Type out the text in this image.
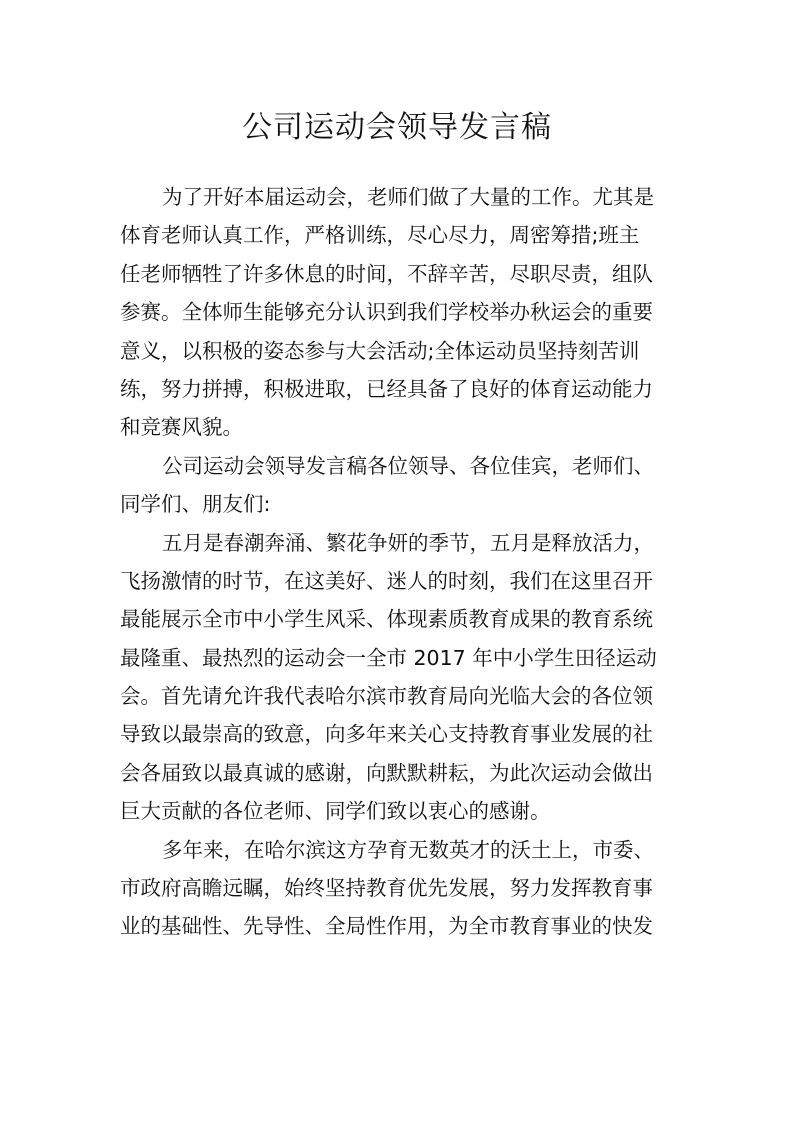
公司运动会领导发言稿
为了开好本届运动会，老师们做了大量的工作。尤其是
体育老师认真工作，严格训练，尽心尽力，周密筹措;班主
任老师牺牲了许多休息的时间，不辞辛苦，尽职尽责，组队
参赛。全体师生能够充分认识到我们学校举办秋运会的重要
意义，以积极的姿态参与大会活动;全体运动员坚持刻苦训
练，努力拼搏，积极进取，已经具备了良好的体育运动能力
和竞赛风貌。
公司运动会领导发言稿各位领导、各位佳宾，老师们、
同学们、朋友们:
五月是春潮奔涌、繁花争妍的季节，五月是释放活力，
飞扬激情的时节，在这美好、迷人的时刻，我们在这里召开
最能展示全市中小学生风采、体现素质教育成果的教育系统
最隆重、最热烈的运动会一全市 2017 年中小学生田径运动
会。首先请允许我代表哈尔滨市教育局向光临大会的各位领
导致以最崇高的致意，向多年来关心支持教育事业发展的社
会各届致以最真诚的感谢，向默默耕耘，为此次运动会做出
巨大贡献的各位老师、同学们致以衷心的感谢。
多年来，在哈尔滨这方孕育无数英才的沃土上，市委、
市政府高瞻远瞩，始终坚持教育优先发展，努力发挥教育事
业的基础性、先导性、全局性作用，为全市教育事业的快发
